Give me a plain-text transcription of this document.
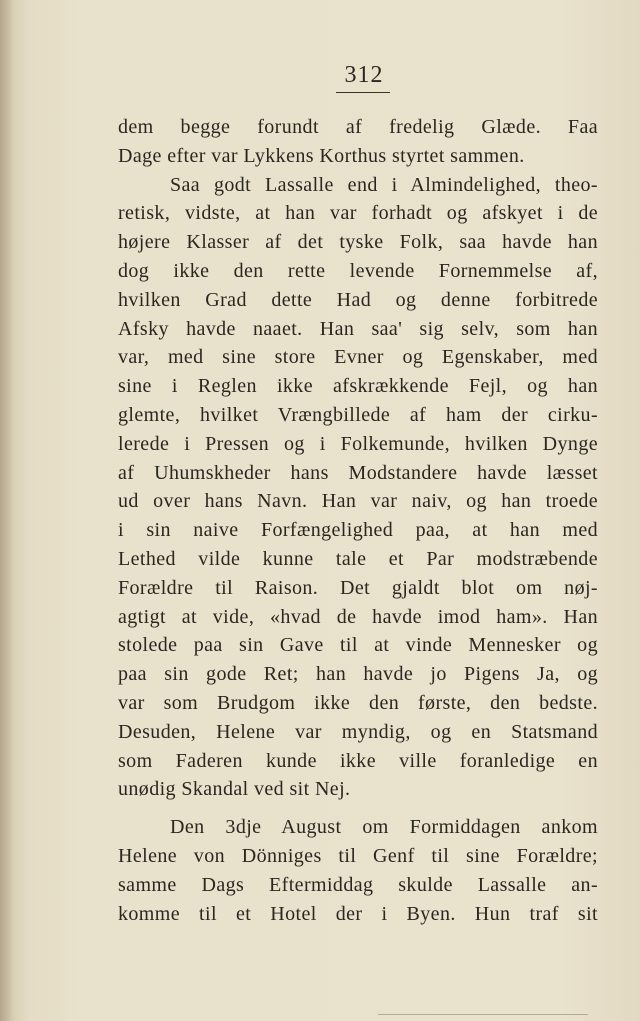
312
dem begge forundt af fredelig Glæde. Faa
Dage efter var Lykkens Korthus styrtet sammen.
Saa godt Lassalle end i Almindelighed, theo-
retisk, vidste, at han var forhadt og afskyet i de
højere Klasser af det tyske Folk, saa havde han
dog ikke den rette levende Fornemmelse af,
hvilken Grad dette Had og denne forbitrede
Afsky havde naaet. Han saa' sig selv, som han
var, med sine store Evner og Egenskaber, med
sine i Reglen ikke afskrækkende Fejl, og han
glemte, hvilket Vrængbillede af ham der cirku-
lerede i Pressen og i Folkemunde, hvilken Dynge
af Uhumskheder hans Modstandere havde læsset
ud over hans Navn. Han var naiv, og han troede
i sin naive Forfængelighed paa, at han med
Lethed vilde kunne tale et Par modstræbende
Forældre til Raison. Det gjaldt blot om nøj-
agtigt at vide, «hvad de havde imod ham». Han
stolede paa sin Gave til at vinde Mennesker og
paa sin gode Ret; han havde jo Pigens Ja, og
var som Brudgom ikke den første, den bedste.
Desuden, Helene var myndig, og en Statsmand
som Faderen kunde ikke ville foranledige en
unødig Skandal ved sit Nej.
Den 3dje August om Formiddagen ankom
Helene von Dönniges til Genf til sine Forældre;
samme Dags Eftermiddag skulde Lassalle an-
komme til et Hotel der i Byen. Hun traf sit
